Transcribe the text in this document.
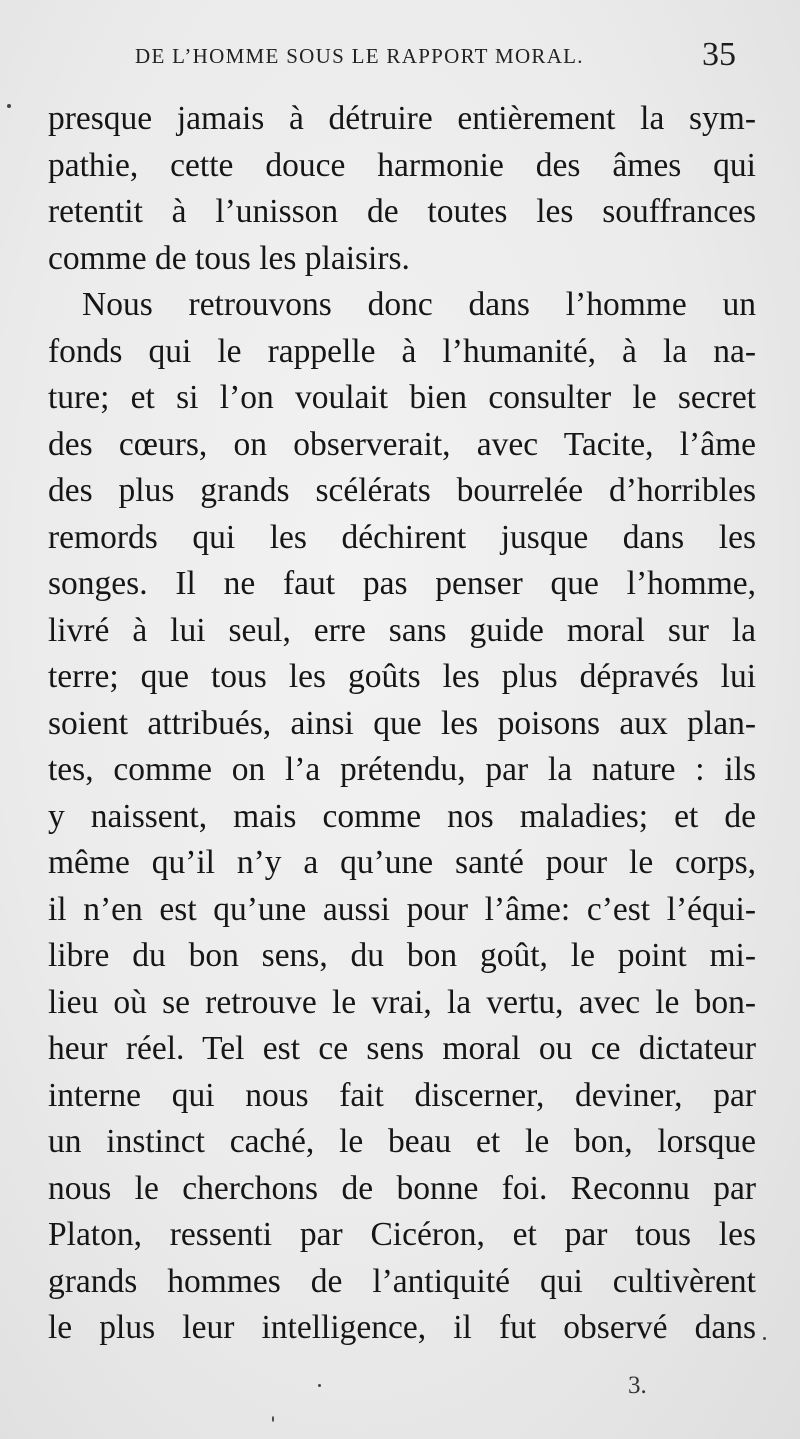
DE L’HOMME SOUS LE RAPPORT MORAL.	35
presque jamais à détruire entièrement la sym-
pathie, cette douce harmonie des âmes qui
retentit à l’unisson de toutes les souffrances
comme de tous les plaisirs.
Nous retrouvons donc dans l’homme un
fonds qui le rappelle à l’humanité, à la na-
ture; et si l’on voulait bien consulter le secret
des cœurs, on observerait, avec Tacite, l’âme
des plus grands scélérats bourrelée d’horribles
remords qui les déchirent jusque dans les
songes. Il ne faut pas penser que l’homme,
livré à lui seul, erre sans guide moral sur la
terre; que tous les goûts les plus dépravés lui
soient attribués, ainsi que les poisons aux plan-
tes, comme on l’a prétendu, par la nature : ils
y naissent, mais comme nos maladies; et de
même qu’il n’y a qu’une santé pour le corps,
il n’en est qu’une aussi pour l’âme: c’est l’équi-
libre du bon sens, du bon goût, le point mi-
lieu où se retrouve le vrai, la vertu, avec le bon-
heur réel. Tel est ce sens moral ou ce dictateur
interne qui nous fait discerner, deviner, par
un instinct caché, le beau et le bon, lorsque
nous le cherchons de bonne foi. Reconnu par
Platon, ressenti par Cicéron, et par tous les
grands hommes de l’antiquité qui cultivèrent
le plus leur intelligence, il fut observé dans
3.
